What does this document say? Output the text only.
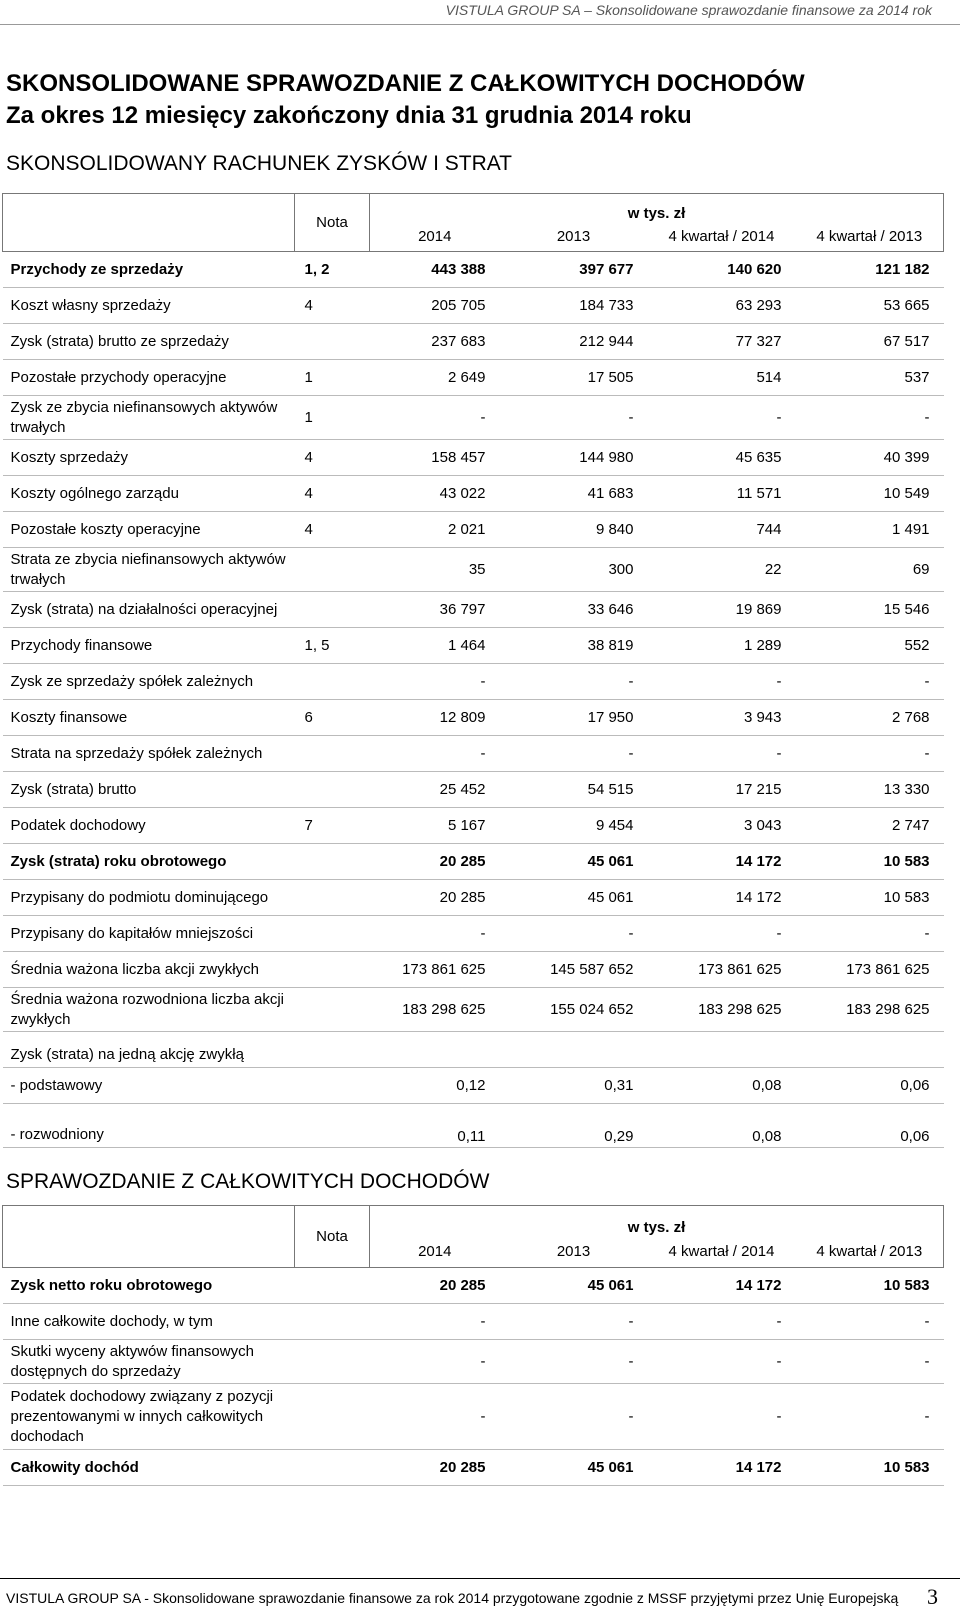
VISTULA GROUP SA – Skonsolidowane sprawozdanie finansowe za 2014 rok
SKONSOLIDOWANE SPRAWOZDANIE Z CAŁKOWITYCH DOCHODÓW
Za okres 12 miesięcy zakończony dnia 31 grudnia 2014 roku
SKONSOLIDOWANY RACHUNEK ZYSKÓW I STRAT
	Nota	w tys. zł			
		2014	2013	4 kwartał / 2014	4 kwartał / 2013
Przychody ze sprzedaży	1, 2	443 388	397 677	140 620	121 182
Koszt własny sprzedaży	4	205 705	184 733	63 293	53 665
Zysk (strata) brutto ze sprzedaży		237 683	212 944	77 327	67 517
Pozostałe przychody operacyjne	1	2 649	17 505	514	537
Zysk ze zbycia niefinansowych aktywów trwałych	1	-	-	-	-
Koszty sprzedaży	4	158 457	144 980	45 635	40 399
Koszty ogólnego zarządu	4	43 022	41 683	11 571	10 549
Pozostałe koszty operacyjne	4	2 021	9 840	744	1 491
Strata ze zbycia niefinansowych aktywów trwałych		35	300	22	69
Zysk (strata) na działalności operacyjnej		36 797	33 646	19 869	15 546
Przychody finansowe	1, 5	1 464	38 819	1 289	552
Zysk ze sprzedaży spółek zależnych		-	-	-	-
Koszty finansowe	6	12 809	17 950	3 943	2 768
Strata na sprzedaży spółek zależnych		-	-	-	-
Zysk (strata) brutto		25 452	54 515	17 215	13 330
Podatek dochodowy	7	5 167	9 454	3 043	2 747
Zysk (strata) roku obrotowego		20 285	45 061	14 172	10 583
Przypisany do podmiotu dominującego		20 285	45 061	14 172	10 583
Przypisany do kapitałów mniejszości		-	-	-	-
Średnia ważona liczba akcji zwykłych		173 861 625	145 587 652	173 861 625	173 861 625
Średnia ważona rozwodniona liczba akcji zwykłych		183 298 625	155 024 652	183 298 625	183 298 625
Zysk (strata) na jedną akcję zwykłą					
- podstawowy		0,12	0,31	0,08	0,06
- rozwodniony		0,11	0,29	0,08	0,06
SPRAWOZDANIE Z CAŁKOWITYCH DOCHODÓW
	Nota	w tys. zł			
		2014	2013	4 kwartał / 2014	4 kwartał / 2013
Zysk netto roku obrotowego		20 285	45 061	14 172	10 583
Inne całkowite dochody, w tym		-	-	-	-
Skutki wyceny aktywów finansowych dostępnych do sprzedaży		-	-	-	-
Podatek dochodowy związany z pozycji prezentowanymi w innych całkowitych dochodach		-	-	-	-
Całkowity dochód		20 285	45 061	14 172	10 583
VISTULA GROUP SA - Skonsolidowane sprawozdanie finansowe za rok 2014 przygotowane zgodnie z MSSF przyjętymi przez Unię Europejską 3
